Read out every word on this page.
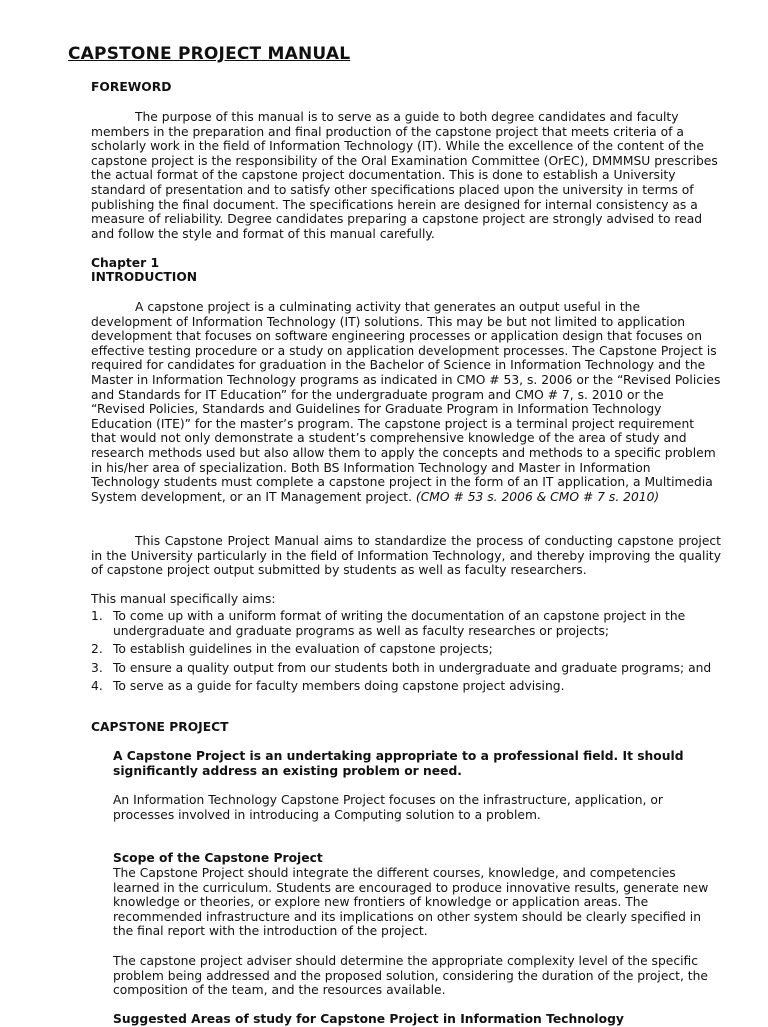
CAPSTONE PROJECT MANUAL
FOREWORD

The purpose of this manual is to serve as a guide to both degree candidates and faculty members in the preparation and final production of the capstone project that meets criteria of a scholarly work in the field of Information Technology (IT). While the excellence of the content of the capstone project is the responsibility of the Oral Examination Committee (OrEC), DMMMSU prescribes the actual format of the capstone project documentation. This is done to establish a University standard of presentation and to satisfy other specifications placed upon the university in terms of publishing the final document. The specifications herein are designed for internal consistency as a measure of reliability. Degree candidates preparing a capstone project are strongly advised to read and follow the style and format of this manual carefully.

Chapter 1
INTRODUCTION

A capstone project is a culminating activity that generates an output useful in the development of Information Technology (IT) solutions. This may be but not limited to application development that focuses on software engineering processes or application design that focuses on effective testing procedure or a study on application development processes. The Capstone Project is required for candidates for graduation in the Bachelor of Science in Information Technology and the Master in Information Technology programs as indicated in CMO # 53, s. 2006 or the “Revised Policies and Standards for IT Education” for the undergraduate program and CMO # 7, s. 2010 or the “Revised Policies, Standards and Guidelines for Graduate Program in Information Technology Education (ITE)” for the master’s program. The capstone project is a terminal project requirement that would not only demonstrate a student’s comprehensive knowledge of the area of study and research methods used but also allow them to apply the concepts and methods to a specific problem in his/her area of specialization. Both BS Information Technology and Master in Information Technology students must complete a capstone project in the form of an IT application, a Multimedia System development, or an IT Management project. (CMO # 53 s. 2006 & CMO # 7 s. 2010)

This Capstone Project Manual aims to standardize the process of conducting capstone project in the University particularly in the field of Information Technology, and thereby improving the quality of capstone project output submitted by students as well as faculty researchers.

This manual specifically aims:
1. To come up with a uniform format of writing the documentation of an capstone project in the undergraduate and graduate programs as well as faculty researches or projects;
2. To establish guidelines in the evaluation of capstone projects;
3. To ensure a quality output from our students both in undergraduate and graduate programs; and
4. To serve as a guide for faculty members doing capstone project advising.
CAPSTONE PROJECT

A Capstone Project is an undertaking appropriate to a professional field. It should significantly address an existing problem or need.

An Information Technology Capstone Project focuses on the infrastructure, application, or processes involved in introducing a Computing solution to a problem.

Scope of the Capstone Project

The Capstone Project should integrate the different courses, knowledge, and competencies learned in the curriculum. Students are encouraged to produce innovative results, generate new knowledge or theories, or explore new frontiers of knowledge or application areas. The recommended infrastructure and its implications on other system should be clearly specified in the final report with the introduction of the project.

The capstone project adviser should determine the appropriate complexity level of the specific problem being addressed and the proposed solution, considering the duration of the project, the composition of the team, and the resources available.

Suggested Areas of study for Capstone Project in Information Technology
